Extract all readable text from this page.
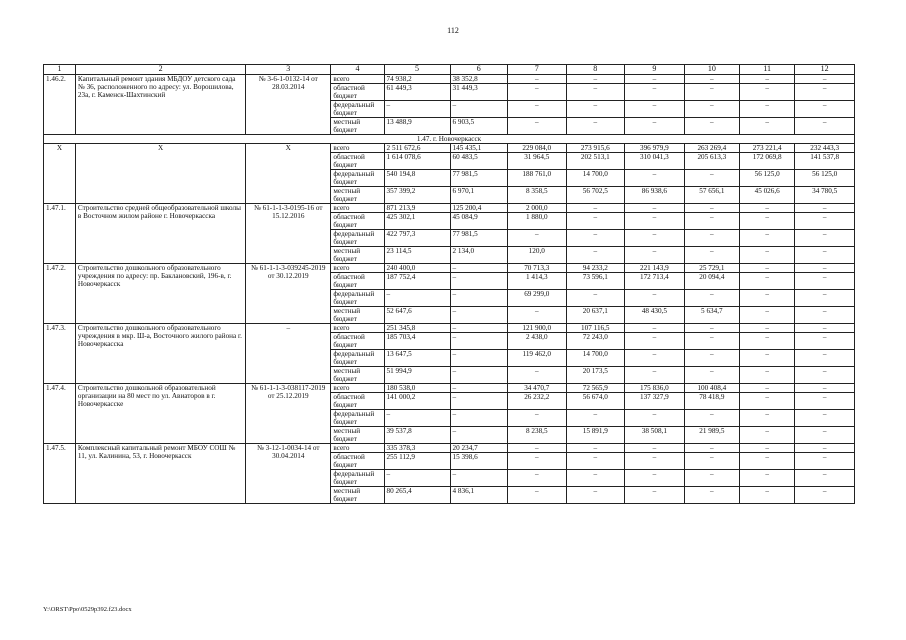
112
1	2	3	4	5	6	7	8	9	10	11	12
1.46.2.	Капитальный ремонт здания МБДОУ детского сада № 36, расположенного по адресу: ул. Ворошилова, 23а, г. Каменск-Шахтинский	№ 3-6-1-0132-14 от 28.03.2014	всего	74 938,2	38 352,8	–	–	–	–	–	–
			областной бюджет	61 449,3	31 449,3	–	–	–	–	–	–
			федеральный бюджет	–	–	–	–	–	–	–	–
			местный бюджет	13 488,9	6 903,5	–	–	–	–	–	–
1.47. г. Новочеркасск											
Х	Х	Х	всего	2 511 672,6	145 435,1	229 084,0	273 915,6	396 979,9	263 269,4	273 221,4	232 443,3
			областной бюджет	1 614 078,6	60 483,5	31 964,5	202 513,1	310 041,3	205 613,3	172 069,8	141 537,8
			федеральный бюджет	540 194,8	77 981,5	188 761,0	14 700,0	–	–	56 125,0	56 125,0
			местный бюджет	357 399,2	6 970,1	8 358,5	56 702,5	86 938,6	57 656,1	45 026,6	34 780,5
1.47.1.	Строительство средней общеобразовательной школы в Восточном жилом районе г. Новочеркасска	№ 61-1-1-3-0195-16 от 15.12.2016	всего	871 213,9	125 200,4	2 000,0	–	–	–	–	–
			областной бюджет	425 302,1	45 084,9	1 880,0	–	–	–	–	–
			федеральный бюджет	422 797,3	77 981,5	–	–	–	–	–	–
			местный бюджет	23 114,5	2 134,0	120,0	–	–	–	–	–
1.47.2.	Строительство дошкольного образовательного учреждения по адресу: пр. Баклановский, 196-в, г. Новочеркасск	№ 61-1-1-3-039245-2019 от 30.12.2019	всего	240 400,0	–	70 713,3	94 233,2	221 143,9	25 729,1	–	–
			областной бюджет	187 752,4	–	1 414,3	73 596,1	172 713,4	20 094,4	–	–
			федеральный бюджет	–	–	69 299,0	–	–	–	–	–
			местный бюджет	52 647,6	–	–	20 637,1	48 430,5	5 634,7	–	–
1.47.3.	Строительство дошкольного образовательного учреждения в мкр. Ш-а, Восточного жилого района г. Новочеркасска	–	всего	251 345,8	–	121 900,0	107 116,5	–	–	–	–
			областной бюджет	185 703,4	–	2 438,0	72 243,0	–	–	–	–
			федеральный бюджет	13 647,5	–	119 462,0	14 700,0	–	–	–	–
			местный бюджет	51 994,9	–	–	20 173,5	–	–	–	–
1.47.4.	Строительство дошкольной образовательной организации на 80 мест по ул. Авиаторов в г. Новочеркасске	№ 61-1-1-3-038117-2019 от 25.12.2019	всего	180 538,0	–	34 470,7	72 565,9	175 836,0	100 408,4	–	–
			областной бюджет	141 000,2	–	26 232,2	56 674,0	137 327,9	78 418,9	–	–
			федеральный бюджет	–	–	–	–	–	–	–	–
			местный бюджет	39 537,8	–	8 238,5	15 891,9	38 508,1	21 989,5	–	–
1.47.5.	Комплексный капитальный ремонт МБОУ СОШ № 11, ул. Калинина, 53, г. Новочеркасск	№ 3-12-1-0034-14 от 30.04.2014	всего	335 378,3	20 234,7	–	–	–	–	–	–
			областной бюджет	255 112,9	15 398,6	–	–	–	–	–	–
			федеральный бюджет	–	–	–	–	–	–	–	–
			местный бюджет	80 265,4	4 836,1	–	–	–	–	–	–
Y:\ORST\Ppo\0529p392.f23.docx
